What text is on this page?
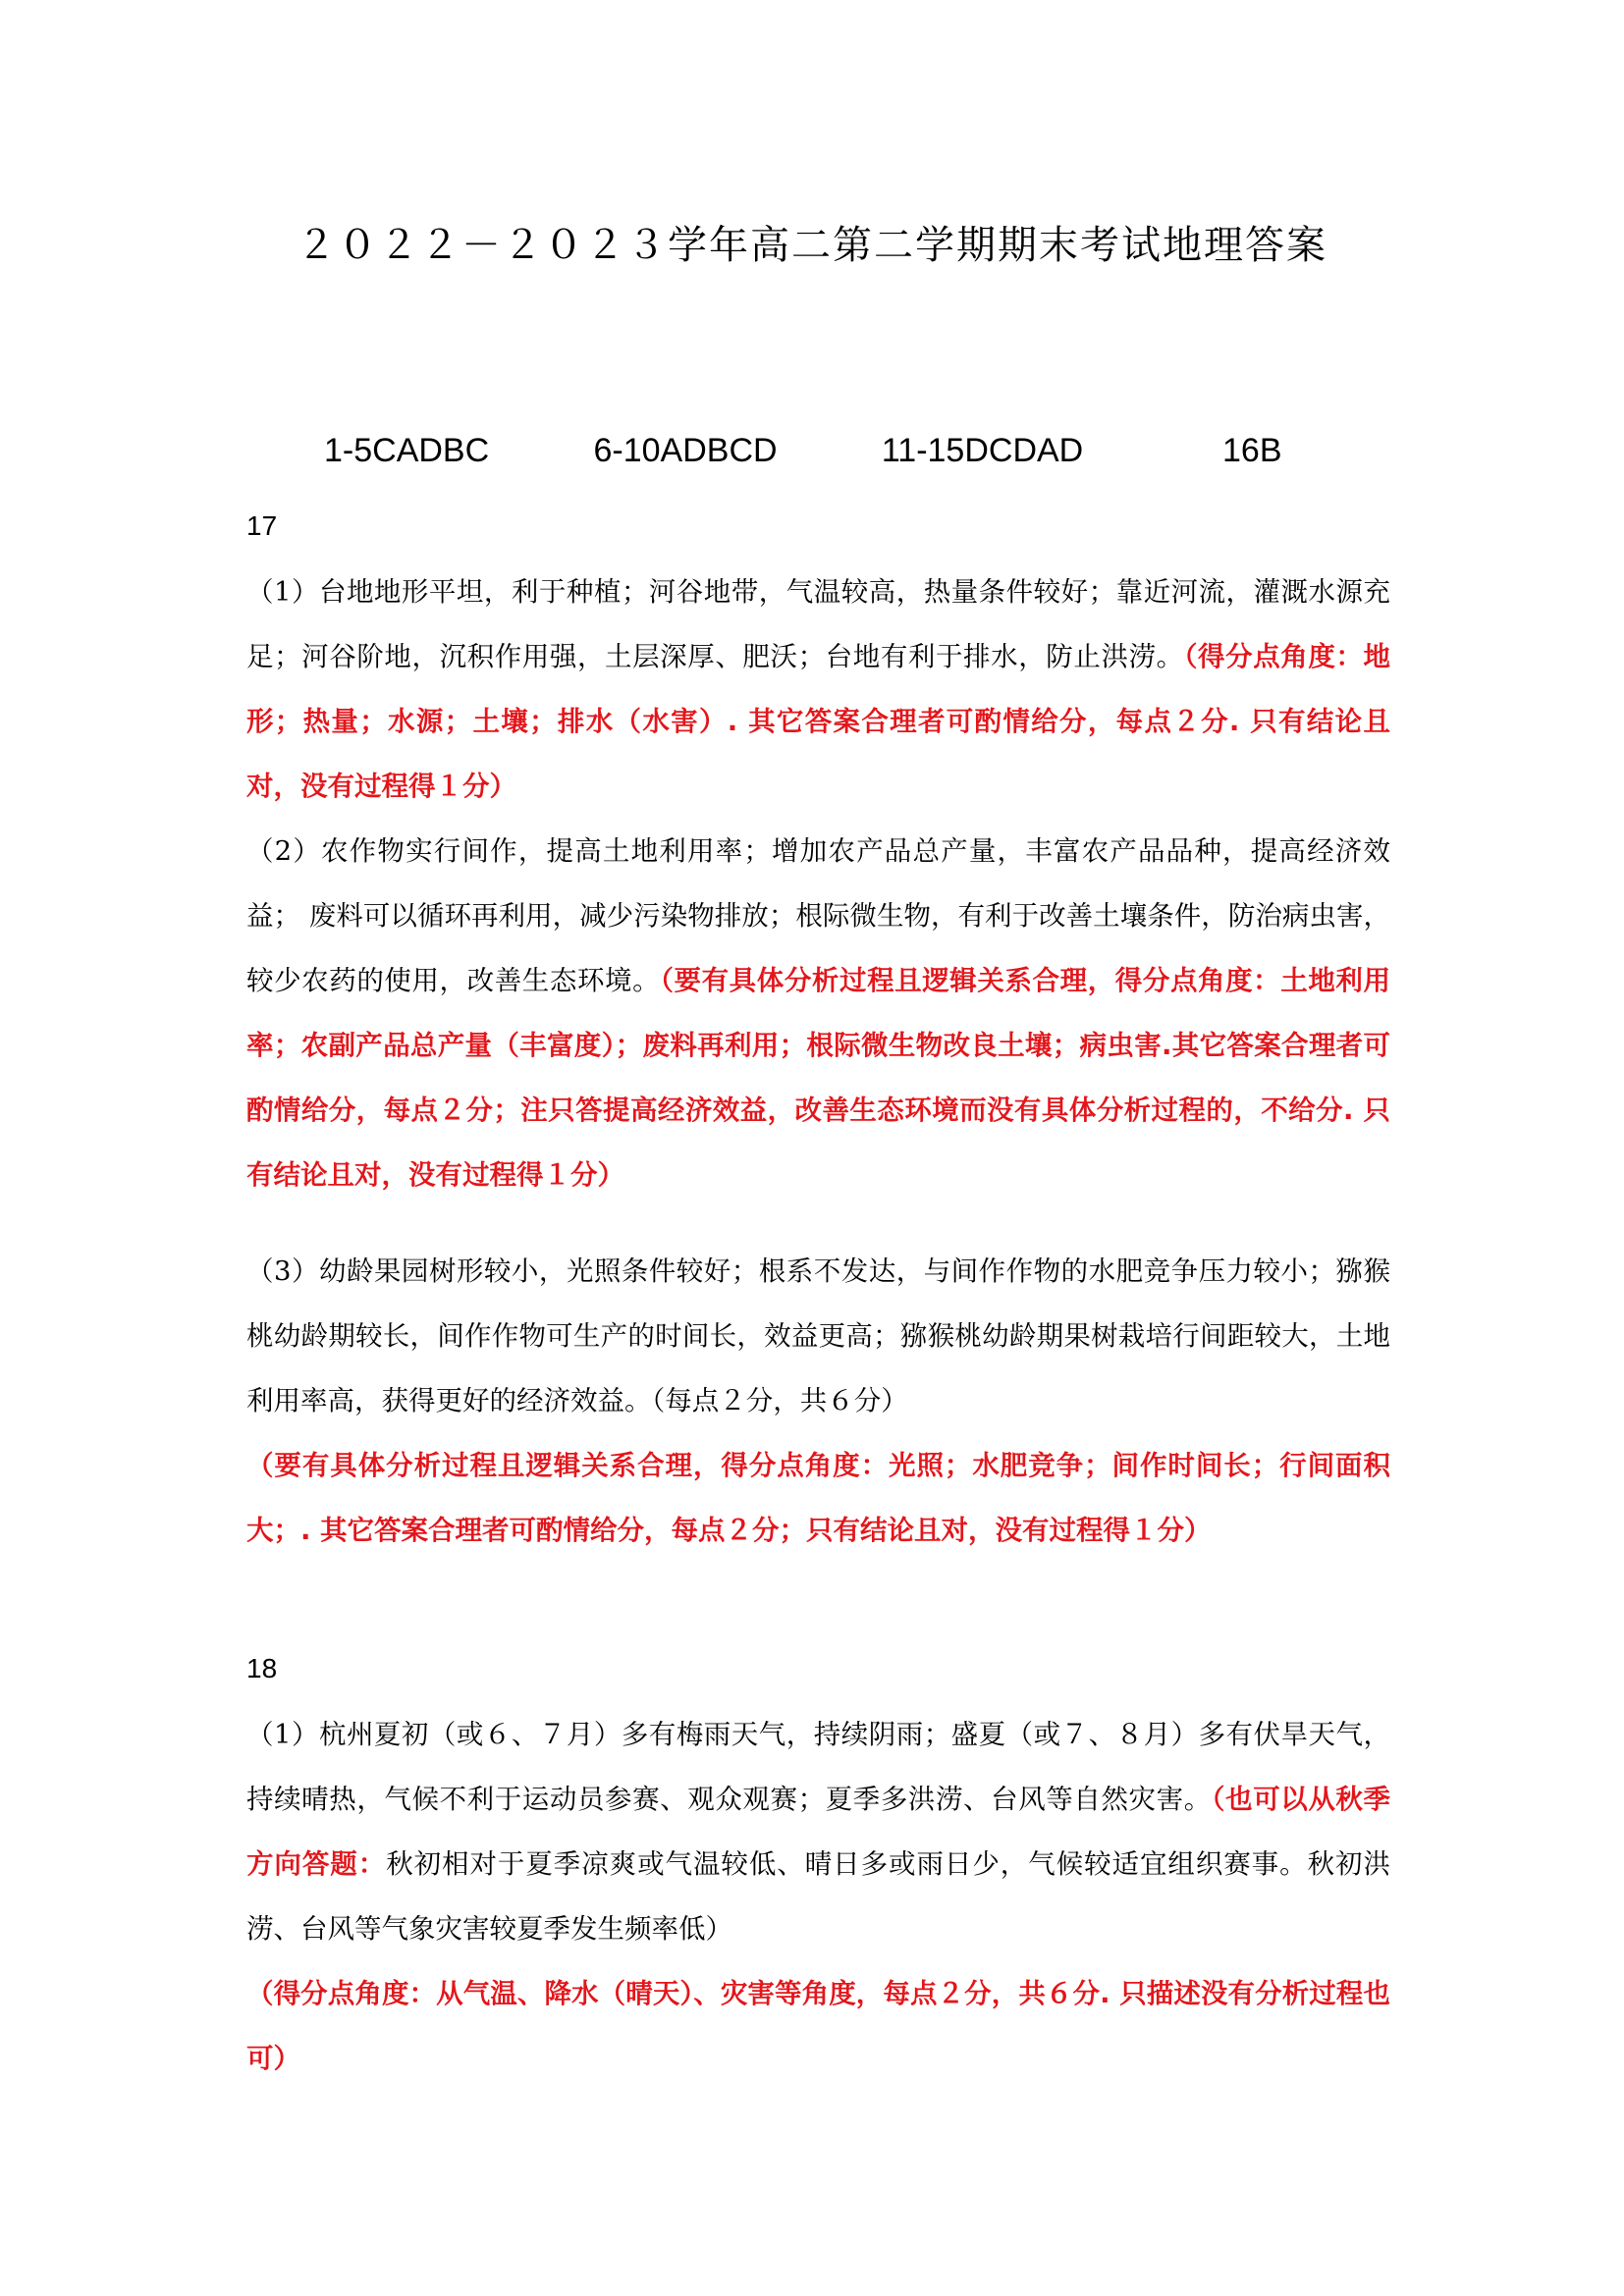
２０２２－２０２３学年高二第二学期期末考试地理答案
1-5CADBC   6-10ADBCD   11-15DCDAD    16B
17
（1）台地地形平坦，利于种植；河谷地带，气温较高，热量条件较好；靠近河流，灌溉水源充足；河谷阶地，沉积作用强，土层深厚、肥沃；台地有利于排水，防止洪涝。（得分点角度：地形；热量；水源；土壤；排水（水害）. 其它答案合理者可酌情给分，每点２分. 只有结论且对，没有过程得１分）
（2）农作物实行间作，提高土地利用率；增加农产品总产量，丰富农产品品种，提高经济效益； 废料可以循环再利用，减少污染物排放；根际微生物，有利于改善土壤条件，防治病虫害，较少农药的使用，改善生态环境。（要有具体分析过程且逻辑关系合理，得分点角度：土地利用率；农副产品总产量（丰富度）；废料再利用；根际微生物改良土壤；病虫害.其它答案合理者可酌情给分，每点２分；注只答提高经济效益，改善生态环境而没有具体分析过程的，不给分. 只有结论且对，没有过程得１分）
（3）幼龄果园树形较小，光照条件较好；根系不发达，与间作作物的水肥竞争压力较小；猕猴桃幼龄期较长，间作作物可生产的时间长，效益更高；猕猴桃幼龄期果树栽培行间距较大，土地利用率高，获得更好的经济效益。（每点２分，共６分）
（要有具体分析过程且逻辑关系合理，得分点角度：光照；水肥竞争；间作时间长；行间面积大；. 其它答案合理者可酌情给分，每点２分；只有结论且对，没有过程得１分）
18
（1）杭州夏初（或６、７月）多有梅雨天气，持续阴雨；盛夏（或７、８月）多有伏旱天气，持续晴热，气候不利于运动员参赛、观众观赛；夏季多洪涝、台风等自然灾害。（也可以从秋季方向答题：秋初相对于夏季凉爽或气温较低、晴日多或雨日少，气候较适宜组织赛事。秋初洪涝、台风等气象灾害较夏季发生频率低）
（得分点角度：从气温、降水（晴天）、灾害等角度，每点２分，共６分. 只描述没有分析过程也可）
